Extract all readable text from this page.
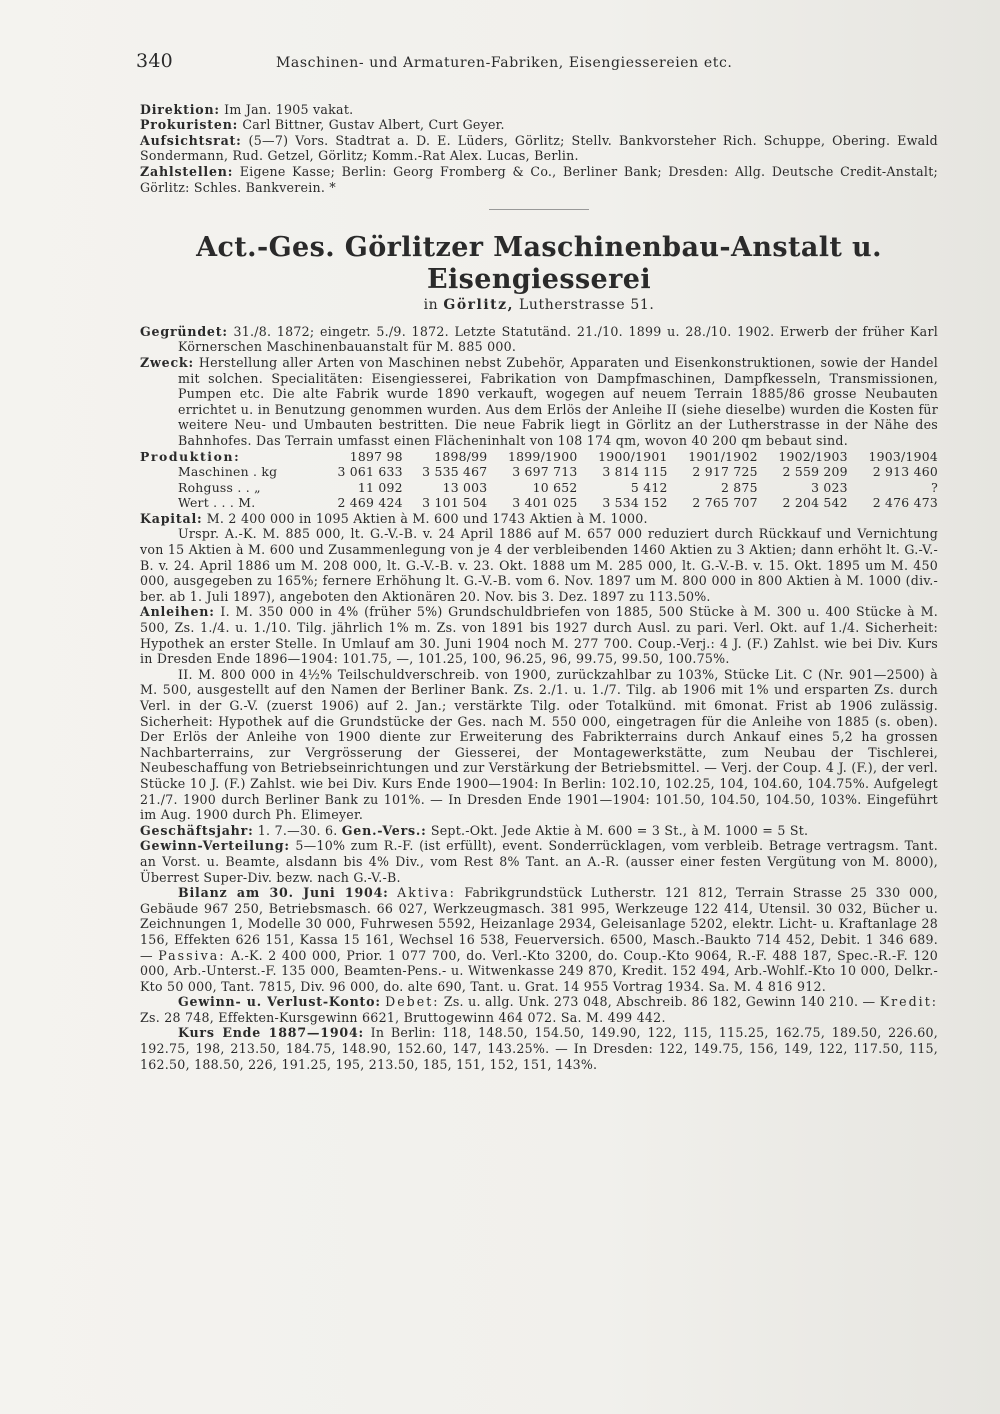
340	Maschinen- und Armaturen-Fabriken, Eisengiessereien etc.

Direktion: Im Jan. 1905 vakat.

Prokuristen: Carl Bittner, Gustav Albert, Curt Geyer.

Aufsichtsrat: (5—7) Vors. Stadtrat a. D. E. Lüders, Görlitz; Stellv. Bankvorsteher Rich. Schuppe, Obering. Ewald Sondermann, Rud. Getzel, Görlitz; Komm.-Rat Alex. Lucas, Berlin.

Zahlstellen: Eigene Kasse; Berlin: Georg Fromberg & Co., Berliner Bank; Dresden: Allg. Deutsche Credit-Anstalt; Görlitz: Schles. Bankverein. *

Act.-Ges. Görlitzer Maschinenbau-Anstalt u. Eisengiesserei

in Görlitz, Lutherstrasse 51.

Gegründet: 31./8. 1872; eingetr. 5./9. 1872. Letzte Statutänd. 21./10. 1899 u. 28./10. 1902. Erwerb der früher Karl Körnerschen Maschinenbauanstalt für M. 885 000.

Zweck: Herstellung aller Arten von Maschinen nebst Zubehör, Apparaten und Eisenkonstruktionen, sowie der Handel mit solchen. Specialitäten: Eisengiesserei, Fabrikation von Dampfmaschinen, Dampfkesseln, Transmissionen, Pumpen etc. Die alte Fabrik wurde 1890 verkauft, wogegen auf neuem Terrain 1885/86 grosse Neubauten errichtet u. in Benutzung genommen wurden. Aus dem Erlös der Anleihe II (siehe dieselbe) wurden die Kosten für weitere Neu- und Umbauten bestritten. Die neue Fabrik liegt in Görlitz an der Lutherstrasse in der Nähe des Bahnhofes. Das Terrain umfasst einen Flächeninhalt von 108 174 qm, wovon 40 200 qm bebaut sind.

Produktion:	1897 98	1898/99	1899/1900	1900/1901	1901/1902	1902/1903	1903/1904
Maschinen . kg	3 061 633	3 535 467	3 697 713	3 814 115	2 917 725	2 559 209	2 913 460
Rohguss . . „	11 092	13 003	10 652	5 412	2 875	3 023	?
Wert . . . M.	2 469 424	3 101 504	3 401 025	3 534 152	2 765 707	2 204 542	2 476 473

Kapital: M. 2 400 000 in 1095 Aktien à M. 600 und 1743 Aktien à M. 1000.

Urspr. A.-K. M. 885 000, lt. G.-V.-B. v. 24 April 1886 auf M. 657 000 reduziert durch Rückkauf und Vernichtung von 15 Aktien à M. 600 und Zusammenlegung von je 4 der verbleibenden 1460 Aktien zu 3 Aktien; dann erhöht lt. G.-V.-B. v. 24. April 1886 um M. 208 000, lt. G.-V.-B. v. 23. Okt. 1888 um M. 285 000, lt. G.-V.-B. v. 15. Okt. 1895 um M. 450 000, ausgegeben zu 165%; fernere Erhöhung lt. G.-V.-B. vom 6. Nov. 1897 um M. 800 000 in 800 Aktien à M. 1000 (div.-ber. ab 1. Juli 1897), angeboten den Aktionären 20. Nov. bis 3. Dez. 1897 zu 113.50%.

Anleihen: I. M. 350 000 in 4% (früher 5%) Grundschuldbriefen von 1885, 500 Stücke à M. 300 u. 400 Stücke à M. 500, Zs. 1./4. u. 1./10. Tilg. jährlich 1% m. Zs. von 1891 bis 1927 durch Ausl. zu pari. Verl. Okt. auf 1./4. Sicherheit: Hypothek an erster Stelle. In Umlauf am 30. Juni 1904 noch M. 277 700. Coup.-Verj.: 4 J. (F.) Zahlst. wie bei Div. Kurs in Dresden Ende 1896—1904: 101.75, —, 101.25, 100, 96.25, 96, 99.75, 99.50, 100.75%.

II. M. 800 000 in 4½% Teilschuldverschreib. von 1900, zurückzahlbar zu 103%, Stücke Lit. C (Nr. 901—2500) à M. 500, ausgestellt auf den Namen der Berliner Bank. Zs. 2./1. u. 1./7. Tilg. ab 1906 mit 1% und ersparten Zs. durch Verl. in der G.-V. (zuerst 1906) auf 2. Jan.; verstärkte Tilg. oder Totalkünd. mit 6monat. Frist ab 1906 zulässig. Sicherheit: Hypothek auf die Grundstücke der Ges. nach M. 550 000, eingetragen für die Anleihe von 1885 (s. oben). Der Erlös der Anleihe von 1900 diente zur Erweiterung des Fabrikterrains durch Ankauf eines 5,2 ha grossen Nachbarterrains, zur Vergrösserung der Giesserei, der Montagewerkstätte, zum Neubau der Tischlerei, Neubeschaffung von Betriebseinrichtungen und zur Verstärkung der Betriebsmittel. — Verj. der Coup. 4 J. (F.), der verl. Stücke 10 J. (F.) Zahlst. wie bei Div. Kurs Ende 1900—1904: In Berlin: 102.10, 102.25, 104, 104.60, 104.75%. Aufgelegt 21./7. 1900 durch Berliner Bank zu 101%. — In Dresden Ende 1901—1904: 101.50, 104.50, 104.50, 103%. Eingeführt im Aug. 1900 durch Ph. Elimeyer.

Geschäftsjahr: 1. 7.—30. 6. Gen.-Vers.: Sept.-Okt. Jede Aktie à M. 600 = 3 St., à M. 1000 = 5 St.

Gewinn-Verteilung: 5—10% zum R.-F. (ist erfüllt), event. Sonderrücklagen, vom verbleib. Betrage vertragsm. Tant. an Vorst. u. Beamte, alsdann bis 4% Div., vom Rest 8% Tant. an A.-R. (ausser einer festen Vergütung von M. 8000), Überrest Super-Div. bezw. nach G.-V.-B.

Bilanz am 30. Juni 1904: Aktiva: Fabrikgrundstück Lutherstr. 121 812, Terrain Strasse 25 330 000, Gebäude 967 250, Betriebsmasch. 66 027, Werkzeugmasch. 381 995, Werkzeuge 122 414, Utensil. 30 032, Bücher u. Zeichnungen 1, Modelle 30 000, Fuhrwesen 5592, Heizanlage 2934, Geleisanlage 5202, elektr. Licht- u. Kraftanlage 28 156, Effekten 626 151, Kassa 15 161, Wechsel 16 538, Feuerversich. 6500, Masch.-Baukto 714 452, Debit. 1 346 689. — Passiva: A.-K. 2 400 000, Prior. 1 077 700, do. Verl.-Kto 3200, do. Coup.-Kto 9064, R.-F. 488 187, Spec.-R.-F. 120 000, Arb.-Unterst.-F. 135 000, Beamten-Pens.- u. Witwenkasse 249 870, Kredit. 152 494, Arb.-Wohlf.-Kto 10 000, Delkr.-Kto 50 000, Tant. 7815, Div. 96 000, do. alte 690, Tant. u. Grat. 14 955 Vortrag 1934. Sa. M. 4 816 912.

Gewinn- u. Verlust-Konto: Debet: Zs. u. allg. Unk. 273 048, Abschreib. 86 182, Gewinn 140 210. — Kredit: Zs. 28 748, Effekten-Kursgewinn 6621, Bruttogewinn 464 072. Sa. M. 499 442.

Kurs Ende 1887—1904: In Berlin: 118, 148.50, 154.50, 149.90, 122, 115, 115.25, 162.75, 189.50, 226.60, 192.75, 198, 213.50, 184.75, 148.90, 152.60, 147, 143.25%. — In Dresden: 122, 149.75, 156, 149, 122, 117.50, 115, 162.50, 188.50, 226, 191.25, 195, 213.50, 185, 151, 152, 151, 143%.
